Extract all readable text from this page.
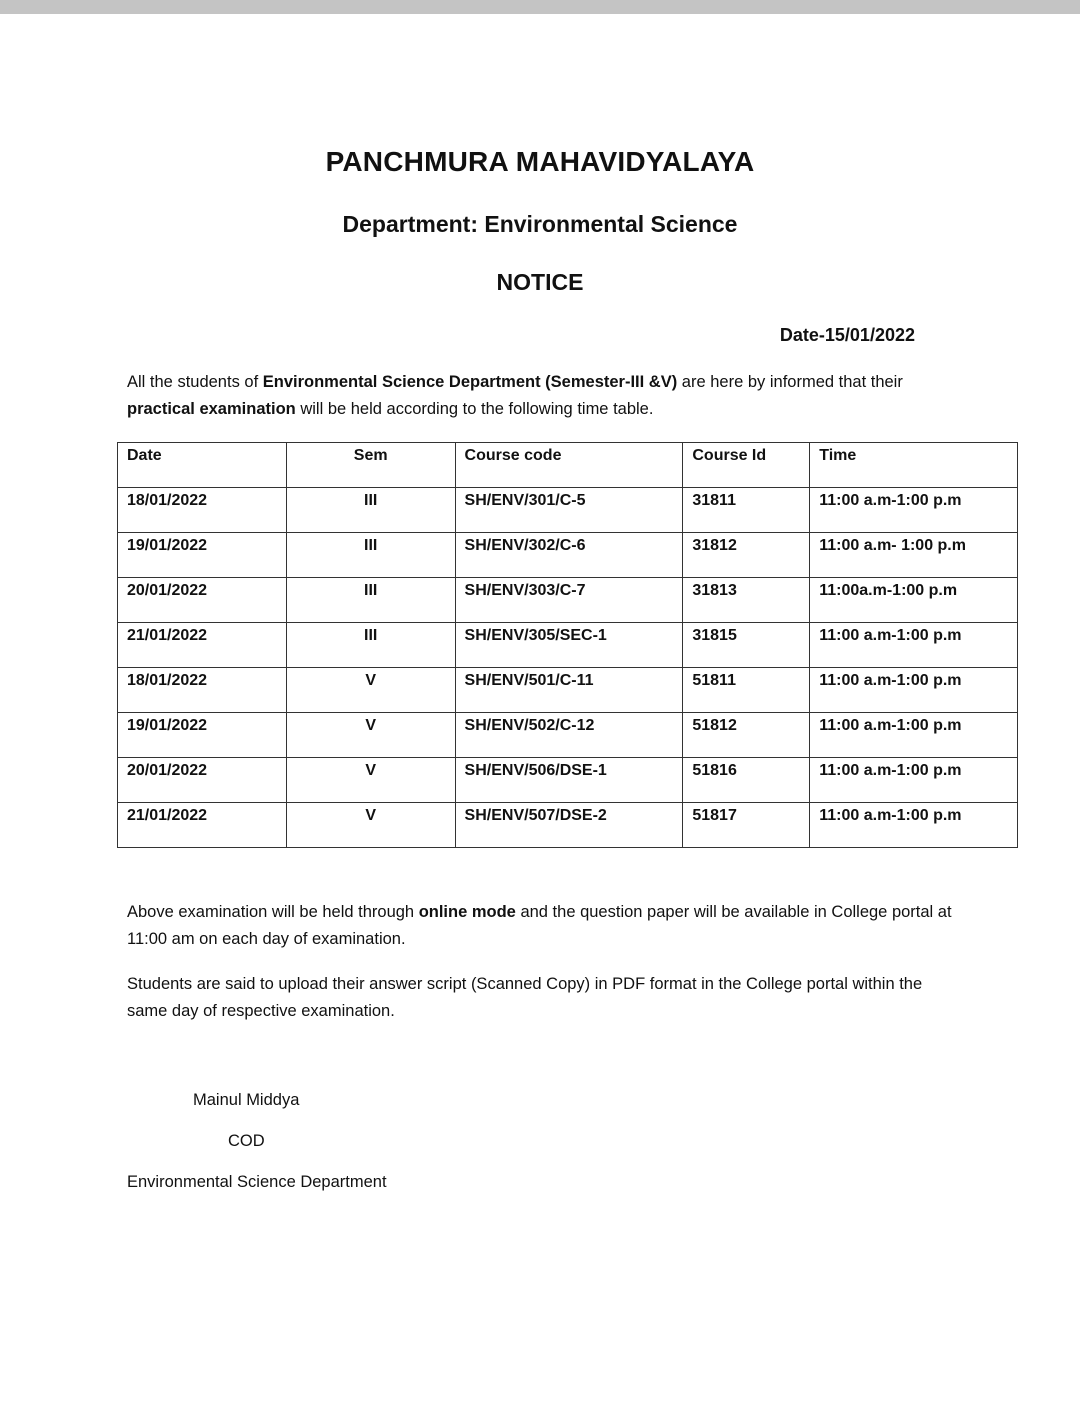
PANCHMURA MAHAVIDYALAYA
Department: Environmental Science
NOTICE
Date-15/01/2022
All the students of Environmental Science Department (Semester-III &V) are here by informed that their practical examination will be held according to the following time table.
Date	Sem	Course code	Course Id	Time
18/01/2022	III	SH/ENV/301/C-5	31811	11:00 a.m-1:00 p.m
19/01/2022	III	SH/ENV/302/C-6	31812	11:00 a.m- 1:00 p.m
20/01/2022	III	SH/ENV/303/C-7	31813	11:00a.m-1:00 p.m
21/01/2022	III	SH/ENV/305/SEC-1	31815	11:00 a.m-1:00 p.m
18/01/2022	V	SH/ENV/501/C-11	51811	11:00 a.m-1:00 p.m
19/01/2022	V	SH/ENV/502/C-12	51812	11:00 a.m-1:00 p.m
20/01/2022	V	SH/ENV/506/DSE-1	51816	11:00 a.m-1:00 p.m
21/01/2022	V	SH/ENV/507/DSE-2	51817	11:00 a.m-1:00 p.m
Above examination will be held through online mode and the question paper will be available in College portal at 11:00 am on each day of examination.
Students are said to upload their answer script (Scanned Copy) in PDF format in the College portal within the same day of respective examination.
Mainul Middya
COD
Environmental Science Department
